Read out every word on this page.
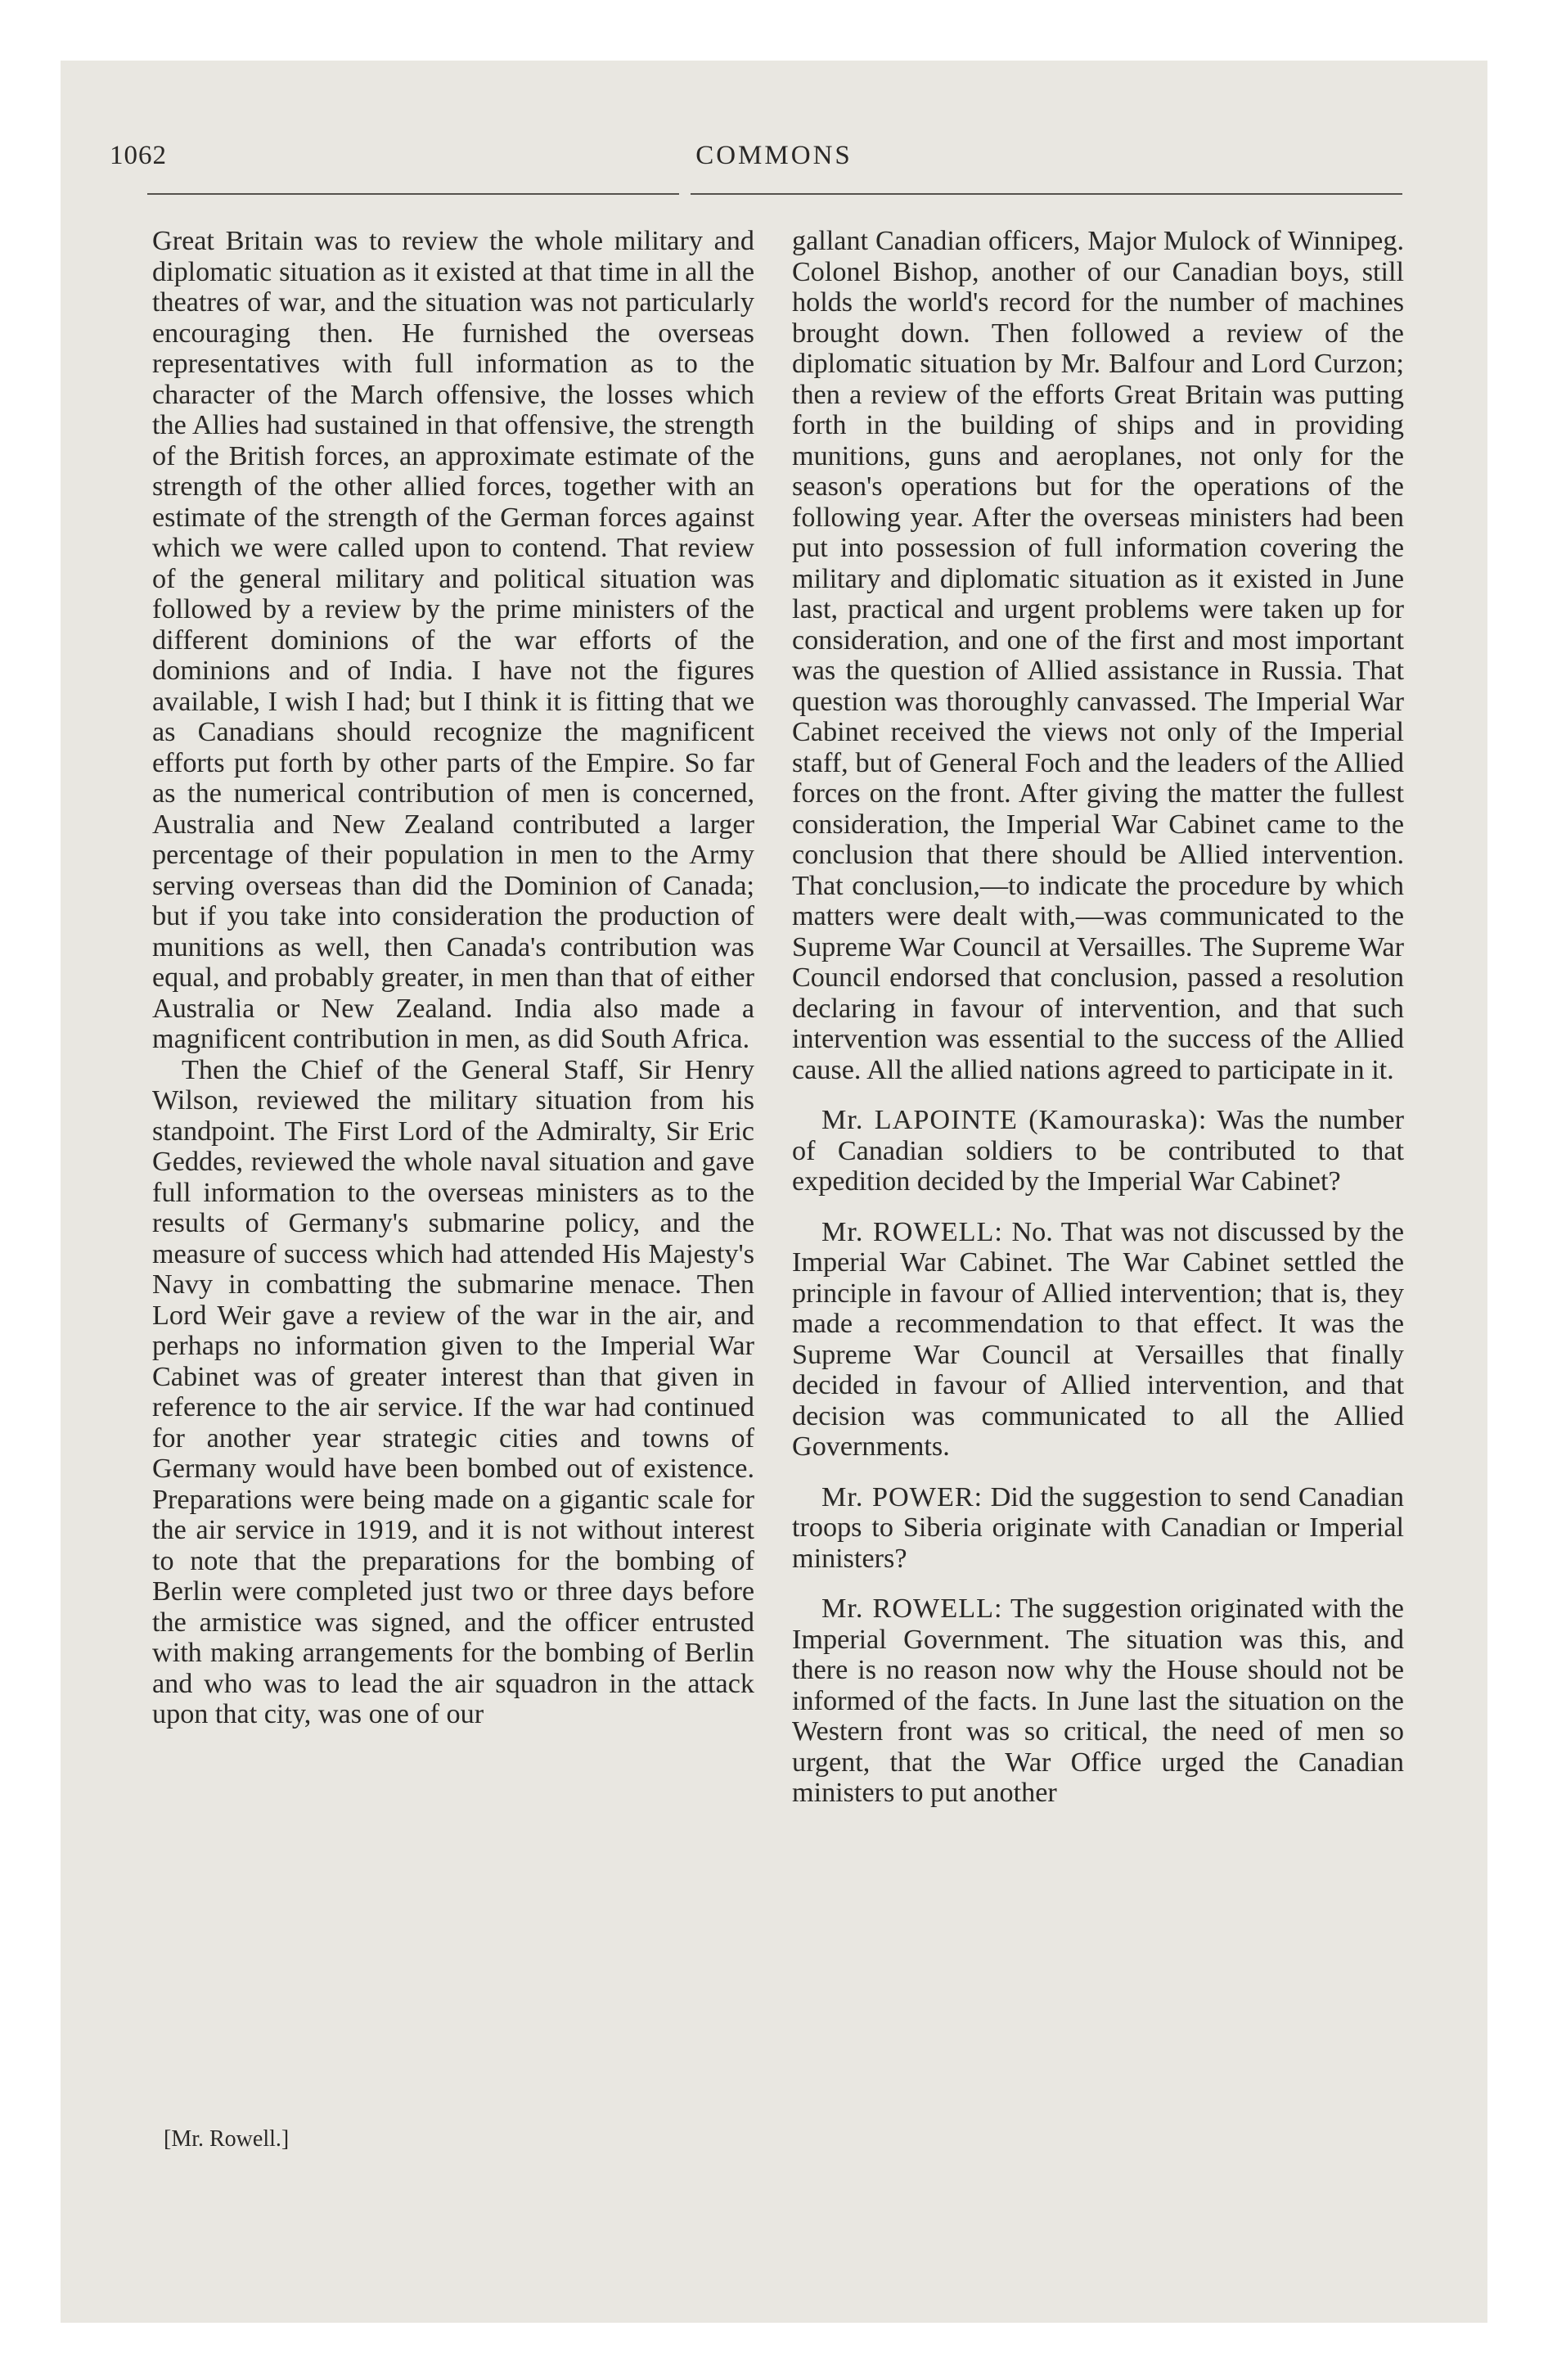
1062	COMMONS

Great Britain was to review the whole military and diplomatic situation as it existed at that time in all the theatres of war, and the situation was not particularly encouraging then. He furnished the overseas representatives with full information as to the character of the March offensive, the losses which the Allies had sustained in that offensive, the strength of the British forces, an approximate estimate of the strength of the other allied forces, together with an estimate of the strength of the German forces against which we were called upon to contend. That review of the general military and political situation was followed by a review by the prime ministers of the different dominions of the war efforts of the dominions and of India. I have not the figures available, I wish I had; but I think it is fitting that we as Canadians should recognize the magnificent efforts put forth by other parts of the Empire. So far as the numerical contribution of men is concerned, Australia and New Zealand contributed a larger percentage of their population in men to the Army serving overseas than did the Dominion of Canada; but if you take into consideration the production of munitions as well, then Canada's contribution was equal, and probably greater, in men than that of either Australia or New Zealand. India also made a magnificent contribution in men, as did South Africa.

Then the Chief of the General Staff, Sir Henry Wilson, reviewed the military situation from his standpoint. The First Lord of the Admiralty, Sir Eric Geddes, reviewed the whole naval situation and gave full information to the overseas ministers as to the results of Germany's submarine policy, and the measure of success which had attended His Majesty's Navy in combatting the submarine menace. Then Lord Weir gave a review of the war in the air, and perhaps no information given to the Imperial War Cabinet was of greater interest than that given in reference to the air service. If the war had continued for another year strategic cities and towns of Germany would have been bombed out of existence. Preparations were being made on a gigantic scale for the air service in 1919, and it is not without interest to note that the preparations for the bombing of Berlin were completed just two or three days before the armistice was signed, and the officer entrusted with making arrangements for the bombing of Berlin and who was to lead the air squadron in the attack upon that city, was one of our

[Mr. Rowell.]

gallant Canadian officers, Major Mulock of Winnipeg. Colonel Bishop, another of our Canadian boys, still holds the world's record for the number of machines brought down. Then followed a review of the diplomatic situation by Mr. Balfour and Lord Curzon; then a review of the efforts Great Britain was putting forth in the building of ships and in providing munitions, guns and aeroplanes, not only for the season's operations but for the operations of the following year. After the overseas ministers had been put into possession of full information covering the military and diplomatic situation as it existed in June last, practical and urgent problems were taken up for consideration, and one of the first and most important was the question of Allied assistance in Russia. That question was thoroughly canvassed. The Imperial War Cabinet received the views not only of the Imperial staff, but of General Foch and the leaders of the Allied forces on the front. After giving the matter the fullest consideration, the Imperial War Cabinet came to the conclusion that there should be Allied intervention. That conclusion,—to indicate the procedure by which matters were dealt with,—was communicated to the Supreme War Council at Versailles. The Supreme War Council endorsed that conclusion, passed a resolution declaring in favour of intervention, and that such intervention was essential to the success of the Allied cause. All the allied nations agreed to participate in it.

Mr. LAPOINTE (Kamouraska): Was the number of Canadian soldiers to be contributed to that expedition decided by the Imperial War Cabinet?

Mr. ROWELL: No. That was not discussed by the Imperial War Cabinet. The War Cabinet settled the principle in favour of Allied intervention; that is, they made a recommendation to that effect. It was the Supreme War Council at Versailles that finally decided in favour of Allied intervention, and that decision was communicated to all the Allied Governments.

Mr. POWER: Did the suggestion to send Canadian troops to Siberia originate with Canadian or Imperial ministers?

Mr. ROWELL: The suggestion originated with the Imperial Government. The situation was this, and there is no reason now why the House should not be informed of the facts. In June last the situation on the Western front was so critical, the need of men so urgent, that the War Office urged the Canadian ministers to put another
